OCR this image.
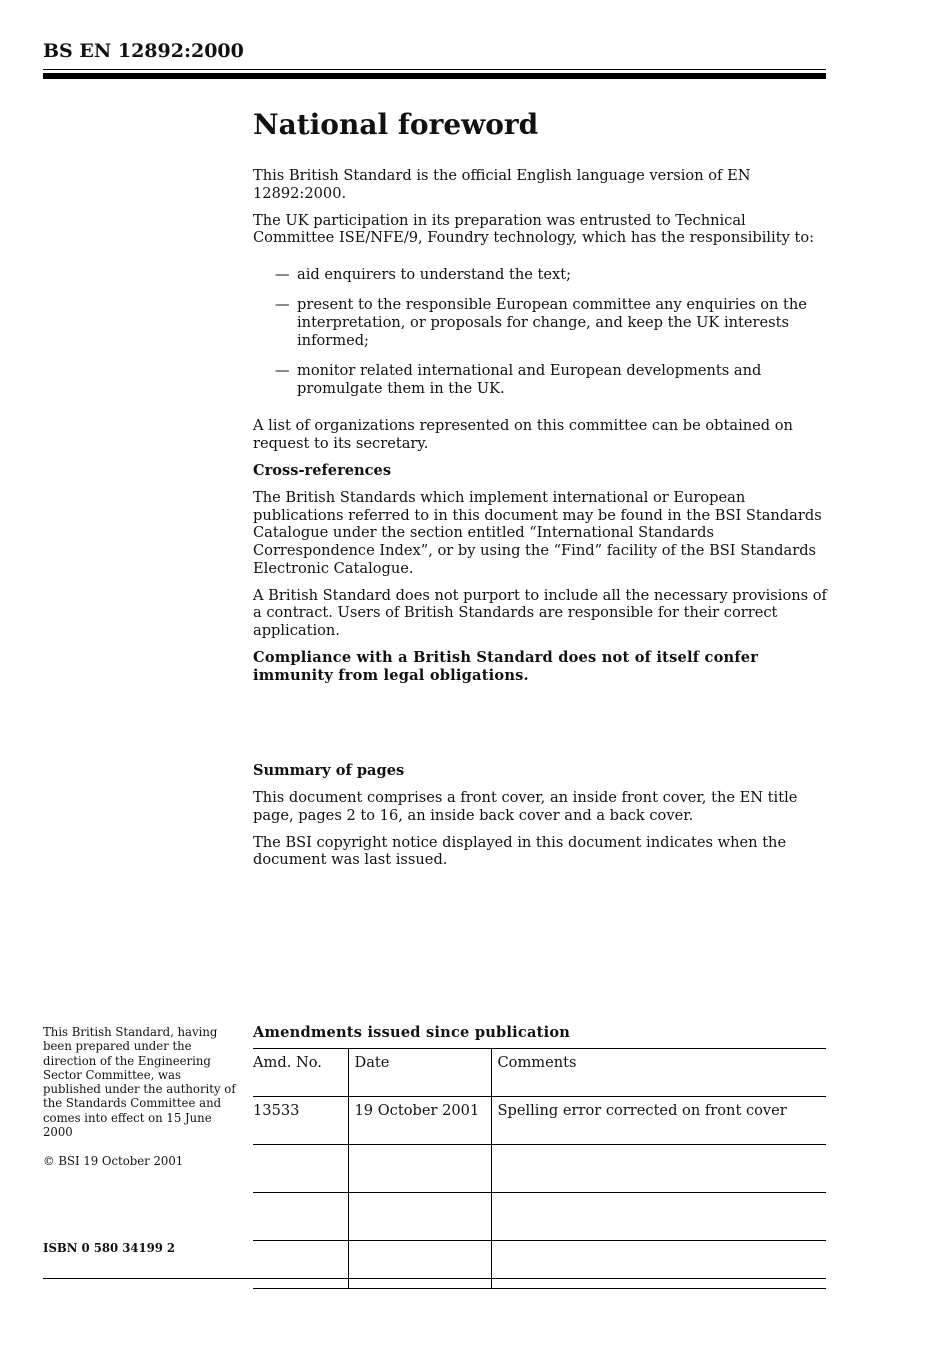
BS EN 12892:2000
National foreword

This British Standard is the official English language version of EN 12892:2000.

The UK participation in its preparation was entrusted to Technical Committee ISE/NFE/9, Foundry technology, which has the responsibility to:

— aid enquirers to understand the text;
— present to the responsible European committee any enquiries on the interpretation, or proposals for change, and keep the UK interests informed;
— monitor related international and European developments and promulgate them in the UK.

A list of organizations represented on this committee can be obtained on request to its secretary.

Cross-references

The British Standards which implement international or European publications referred to in this document may be found in the BSI Standards Catalogue under the section entitled “International Standards Correspondence Index”, or by using the “Find” facility of the BSI Standards Electronic Catalogue.

A British Standard does not purport to include all the necessary provisions of a contract. Users of British Standards are responsible for their correct application.

Compliance with a British Standard does not of itself confer immunity from legal obligations.

Summary of pages

This document comprises a front cover, an inside front cover, the EN title page, pages 2 to 16, an inside back cover and a back cover.

The BSI copyright notice displayed in this document indicates when the document was last issued.

This British Standard, having been prepared under the direction of the Engineering Sector Committee, was published under the authority of the Standards Committee and comes into effect on 15 June 2000
© BSI 19 October 2001
ISBN 0 580 34199 2
Amendments issued since publication
Amd. No.	Date	Comments
13533	19 October 2001	Spelling error corrected on front cover
